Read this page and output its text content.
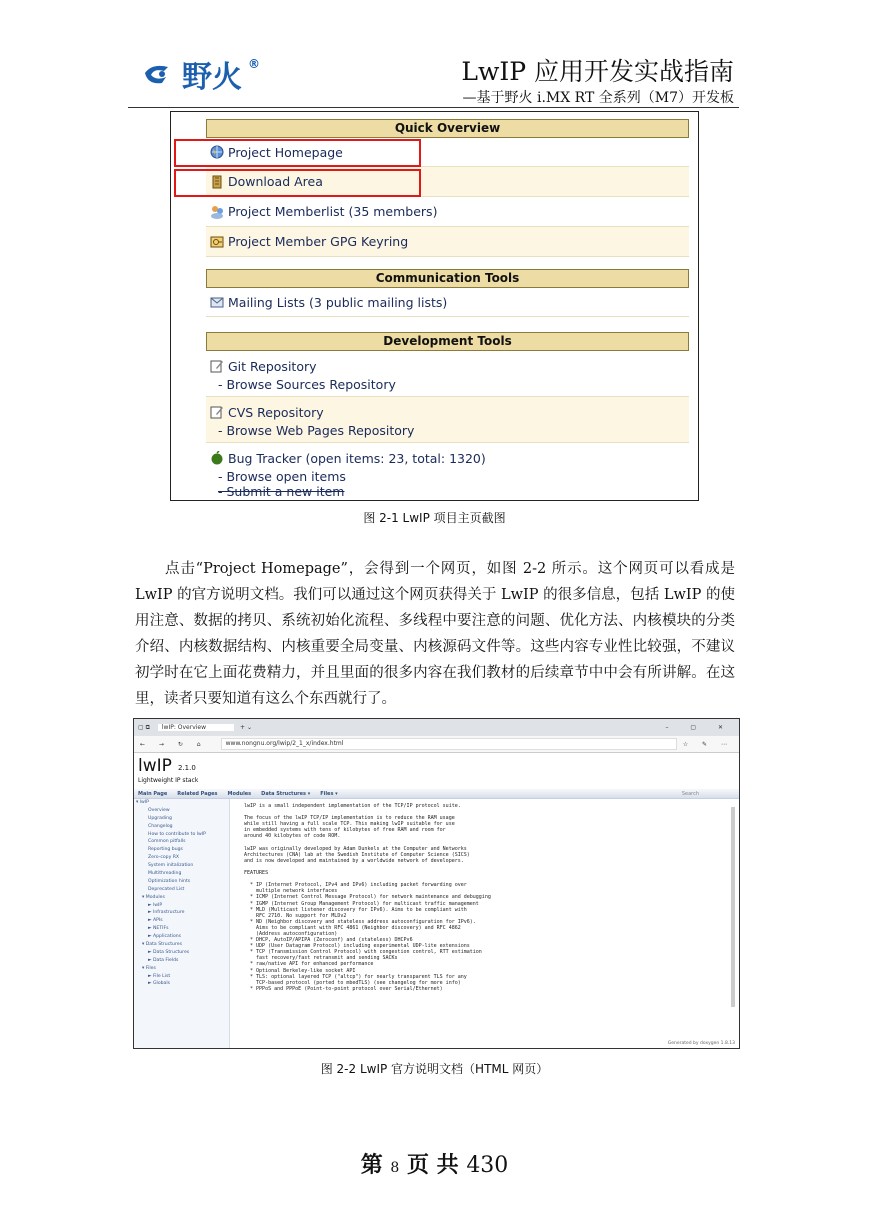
野火 ®	LwIP 应用开发实战指南
—基于野火 i.MX RT 全系列（M7）开发板
Quick Overview
Project Homepage
Download Area
Project Memberlist (35 members)
Project Member GPG Keyring
Communication Tools
Mailing Lists (3 public mailing lists)
Development Tools
Git Repository
- Browse Sources Repository
CVS Repository
- Browse Web Pages Repository
Bug Tracker (open items: 23, total: 1320)
- Browse open items
- Submit a new item
图 2-1 LwIP 项目主页截图

点击“Project Homepage”，会得到一个网页，如图 2-2 所示。这个网页可以看成是 LwIP 的官方说明文档。我们可以通过这个网页获得关于 LwIP 的很多信息，包括 LwIP 的使用注意、数据的拷贝、系统初始化流程、多线程中要注意的问题、优化方法、内核模块的分类介绍、内核数据结构、内核重要全局变量、内核源码文件等。这些内容专业性比较强，不建议初学时在它上面花费精力，并且里面的很多内容在我们教材的后续章节中中会有所讲解。在这里，读者只要知道有这么个东西就行了。

▢ ⧉	lwIP: Overview	+ ⌄	– ▢ ✕
← → ↻ ⌂	www.nongnu.org/lwip/2_1_x/index.html	☆ ✎ ⋯
lwIP 2.1.0
Lightweight IP stack
Main Page Related Pages Modules Data Structures ▾ Files ▾	Search
▾ lwIP
Overview
Upgrading
Changelog
How to contribute to lwIP
Common pitfalls
Reporting bugs
Zero-copy RX
System initalization
Multithreading
Optimization hints
Deprecated List
▾ Modules
► lwIP
► Infrastructure
► APIs
► NETIFs
► Applications
▾ Data Structures
► Data Structures
► Data Fields
▾ Files
► File List
► Globals
lwIP is a small independent implementation of the TCP/IP protocol suite.

The focus of the lwIP TCP/IP implementation is to reduce the RAM usage
while still having a full scale TCP. This making lwIP suitable for use
in embedded systems with tens of kilobytes of free RAM and room for
around 40 kilobytes of code ROM.

lwIP was originally developed by Adam Dunkels at the Computer and Networks
Architectures (CNA) lab at the Swedish Institute of Computer Science (SICS)
and is now developed and maintained by a worldwide network of developers.

FEATURES

* IP (Internet Protocol, IPv4 and IPv6) including packet forwarding over
multiple network interfaces
* ICMP (Internet Control Message Protocol) for network maintenance and debugging
* IGMP (Internet Group Management Protocol) for multicast traffic management
* MLD (Multicast listener discovery for IPv6). Aims to be compliant with
RFC 2710. No support for MLDv2
* ND (Neighbor discovery and stateless address autoconfiguration for IPv6).
Aims to be compliant with RFC 4861 (Neighbor discovery) and RFC 4862
(Address autoconfiguration)
* DHCP, AutoIP/APIPA (Zeroconf) and (stateless) DHCPv6
* UDP (User Datagram Protocol) including experimental UDP-lite extensions
* TCP (Transmission Control Protocol) with congestion control, RTT estimation
fast recovery/fast retransmit and sending SACKs
* raw/native API for enhanced performance
* Optional Berkeley-like socket API
* TLS: optional layered TCP ("altcp") for nearly transparent TLS for any
TCP-based protocol (ported to mbedTLS) (see changelog for more info)
* PPPoS and PPPoE (Point-to-point protocol over Serial/Ethernet)
Generated by doxygen 1.8.13
图 2-2 LwIP 官方说明文档（HTML 网页）
第 8 页 共 430
